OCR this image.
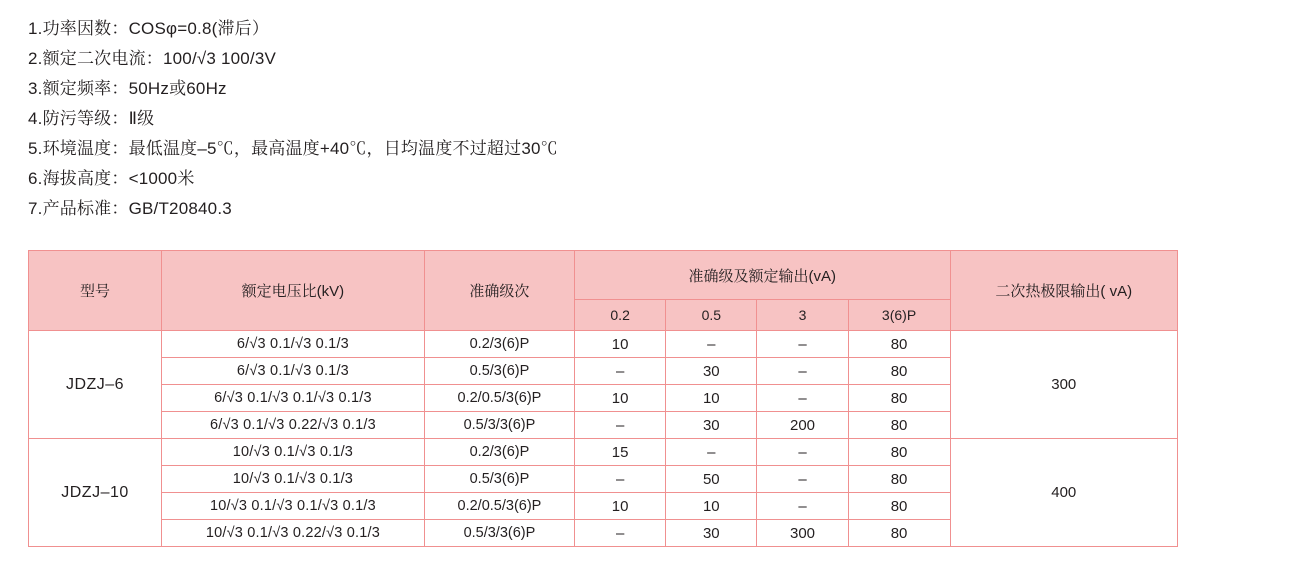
1.功率因数：COSφ=0.8(滞后）
2.额定二次电流：100/√3 100/3V
3.额定频率：50Hz或60Hz
4.防污等级：Ⅱ级
5.环境温度：最低温度–5℃，最高温度+40℃，日均温度不过超过30℃
6.海拔高度：<1000米
7.产品标准：GB/T20840.3
型号	额定电压比(kV)	准确级次	准确级及额定输出(vA)				二次热极限输出( vA)
			0.2	0.5	3	3(6)P	
JDZJ–6	6/√3 0.1/√3 0.1/3	0.2/3(6)P	10	–	–	80	300
	6/√3 0.1/√3 0.1/3	0.5/3(6)P	–	30	–	80	
	6/√3 0.1/√3 0.1/√3 0.1/3	0.2/0.5/3(6)P	10	10	–	80	
	6/√3 0.1/√3 0.22/√3 0.1/3	0.5/3/3(6)P	–	30	200	80	
JDZJ–10	10/√3 0.1/√3 0.1/3	0.2/3(6)P	15	–	–	80	400
	10/√3 0.1/√3 0.1/3	0.5/3(6)P	–	50	–	80	
	10/√3 0.1/√3 0.1/√3 0.1/3	0.2/0.5/3(6)P	10	10	–	80	
	10/√3 0.1/√3 0.22/√3 0.1/3	0.5/3/3(6)P	–	30	300	80	
